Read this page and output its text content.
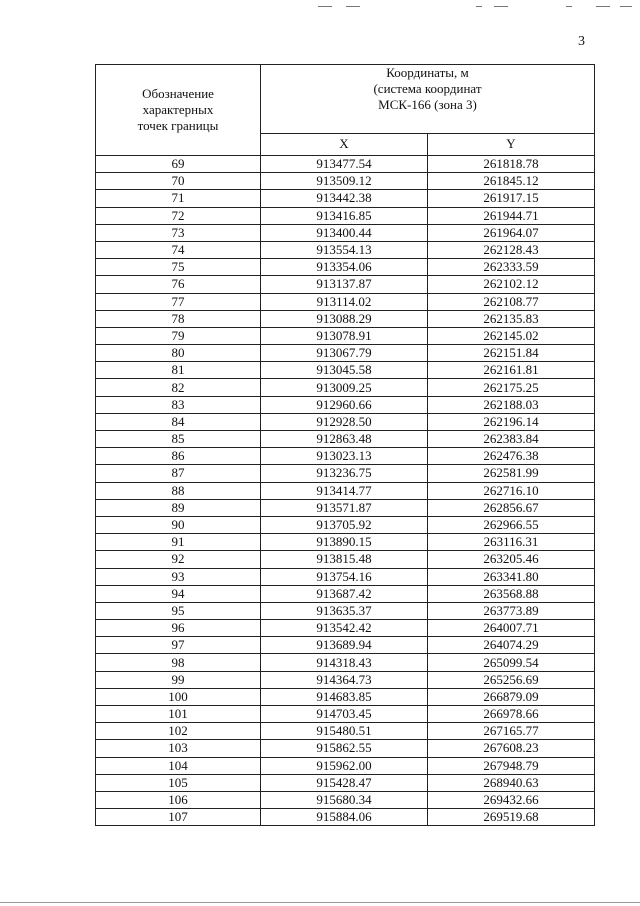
3
Обозначение
характерных
точек границы	Координаты, м
(система координат
МСК-166 (зона 3)	

	X	Y
69	913477.54	261818.78
70	913509.12	261845.12
71	913442.38	261917.15
72	913416.85	261944.71
73	913400.44	261964.07
74	913554.13	262128.43
75	913354.06	262333.59
76	913137.87	262102.12
77	913114.02	262108.77
78	913088.29	262135.83
79	913078.91	262145.02
80	913067.79	262151.84
81	913045.58	262161.81
82	913009.25	262175.25
83	912960.66	262188.03
84	912928.50	262196.14
85	912863.48	262383.84
86	913023.13	262476.38
87	913236.75	262581.99
88	913414.77	262716.10
89	913571.87	262856.67
90	913705.92	262966.55
91	913890.15	263116.31
92	913815.48	263205.46
93	913754.16	263341.80
94	913687.42	263568.88
95	913635.37	263773.89
96	913542.42	264007.71
97	913689.94	264074.29
98	914318.43	265099.54
99	914364.73	265256.69
100	914683.85	266879.09
101	914703.45	266978.66
102	915480.51	267165.77
103	915862.55	267608.23
104	915962.00	267948.79
105	915428.47	268940.63
106	915680.34	269432.66
107	915884.06	269519.68
